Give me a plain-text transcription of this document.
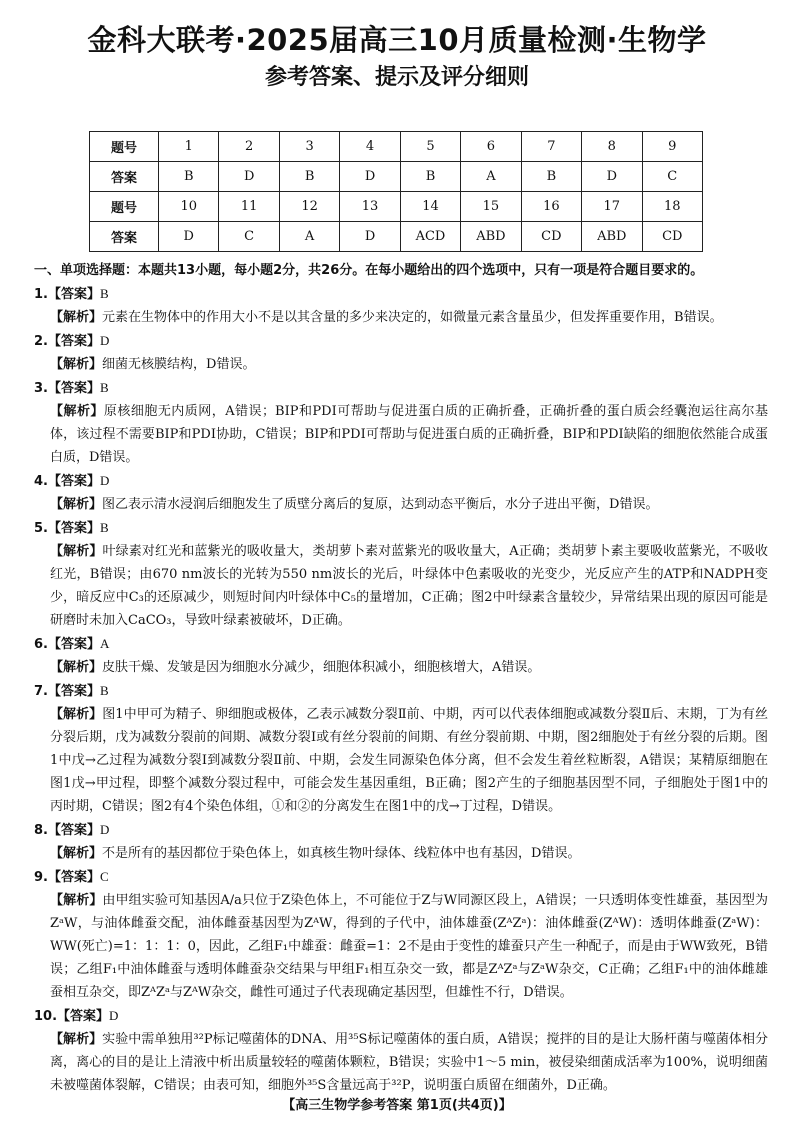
金科大联考·2025届高三10月质量检测·生物学
参考答案、提示及评分细则
题号	1	2	3	4	5	6	7	8	9
答案	B	D	B	D	B	A	B	D	C
题号	10	11	12	13	14	15	16	17	18
答案	D	C	A	D	ACD	ABD	CD	ABD	CD
一、单项选择题：本题共13小题，每小题2分，共26分。在每小题给出的四个选项中，只有一项是符合题目要求的。
1.【答案】B
【解析】元素在生物体中的作用大小不是以其含量的多少来决定的，如微量元素含量虽少，但发挥重要作用，B错误。
2.【答案】D
【解析】细菌无核膜结构，D错误。
3.【答案】B
【解析】原核细胞无内质网，A错误；BIP和PDI可帮助与促进蛋白质的正确折叠，正确折叠的蛋白质会经囊泡运往高尔基体，该过程不需要BIP和PDI协助，C错误；BIP和PDI可帮助与促进蛋白质的正确折叠，BIP和PDI缺陷的细胞依然能合成蛋白质，D错误。
4.【答案】D
【解析】图乙表示清水浸润后细胞发生了质壁分离后的复原，达到动态平衡后，水分子进出平衡，D错误。
5.【答案】B
【解析】叶绿素对红光和蓝紫光的吸收量大，类胡萝卜素对蓝紫光的吸收量大，A正确；类胡萝卜素主要吸收蓝紫光，不吸收红光，B错误；由670 nm波长的光转为550 nm波长的光后，叶绿体中色素吸收的光变少，光反应产生的ATP和NADPH变少，暗反应中C₃的还原减少，则短时间内叶绿体中C₅的量增加，C正确；图2中叶绿素含量较少，异常结果出现的原因可能是研磨时未加入CaCO₃，导致叶绿素被破坏，D正确。
6.【答案】A
【解析】皮肤干燥、发皱是因为细胞水分减少，细胞体积减小，细胞核增大，A错误。
7.【答案】B
【解析】图1中甲可为精子、卵细胞或极体，乙表示减数分裂Ⅱ前、中期，丙可以代表体细胞或减数分裂Ⅱ后、末期，丁为有丝分裂后期，戊为减数分裂前的间期、减数分裂Ⅰ或有丝分裂前的间期、有丝分裂前期、中期，图2细胞处于有丝分裂的后期。图1中戊→乙过程为减数分裂Ⅰ到减数分裂Ⅱ前、中期，会发生同源染色体分离，但不会发生着丝粒断裂，A错误；某精原细胞在图1戊→甲过程，即整个减数分裂过程中，可能会发生基因重组，B正确；图2产生的子细胞基因型不同，子细胞处于图1中的丙时期，C错误；图2有4个染色体组，①和②的分离发生在图1中的戊→丁过程，D错误。
8.【答案】D
【解析】不是所有的基因都位于染色体上，如真核生物叶绿体、线粒体中也有基因，D错误。
9.【答案】C
【解析】由甲组实验可知基因A/a只位于Z染色体上，不可能位于Z与W同源区段上，A错误；一只透明体变性雄蚕，基因型为ZᵃW，与油体雌蚕交配，油体雌蚕基因型为ZᴬW，得到的子代中，油体雄蚕(ZᴬZᵃ)：油体雌蚕(ZᴬW)：透明体雌蚕(ZᵃW)：WW(死亡)=1：1：1：0，因此，乙组F₁中雄蚕：雌蚕=1：2不是由于变性的雄蚕只产生一种配子，而是由于WW致死，B错误；乙组F₁中油体雌蚕与透明体雌蚕杂交结果与甲组F₁相互杂交一致，都是ZᴬZᵃ与ZᵃW杂交，C正确；乙组F₁中的油体雌雄蚕相互杂交，即ZᴬZᵃ与ZᴬW杂交，雌性可通过子代表现确定基因型，但雄性不行，D错误。
10.【答案】D
【解析】实验中需单独用³²P标记噬菌体的DNA、用³⁵S标记噬菌体的蛋白质，A错误；搅拌的目的是让大肠杆菌与噬菌体相分离，离心的目的是让上清液中析出质量较轻的噬菌体颗粒，B错误；实验中1～5 min，被侵染细菌成活率为100%，说明细菌未被噬菌体裂解，C错误；由表可知，细胞外³⁵S含量远高于³²P，说明蛋白质留在细菌外，D正确。
【高三生物学参考答案 第1页(共4页)】
